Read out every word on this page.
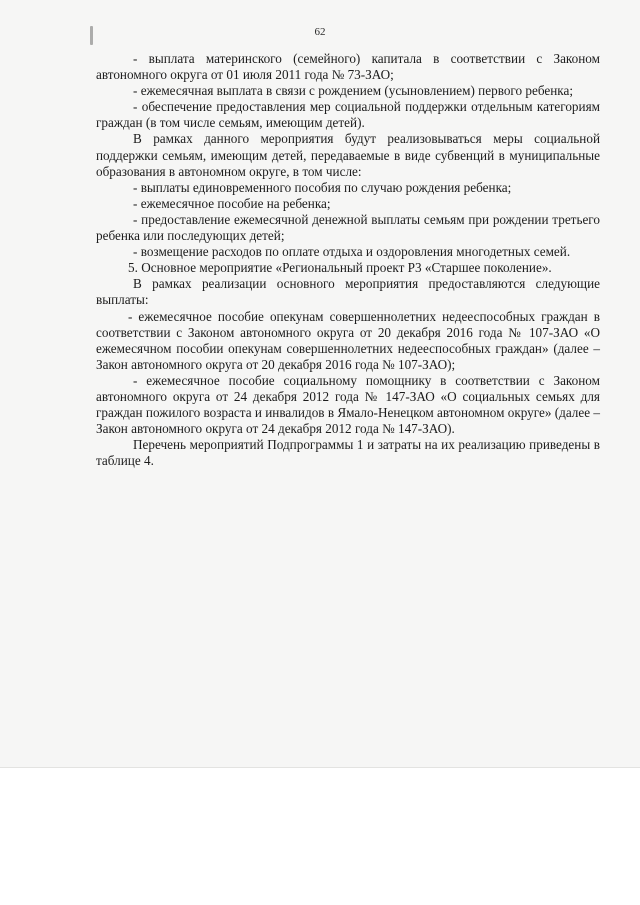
62

- выплата материнского (семейного) капитала в соответствии с Законом автономного округа от 01 июля 2011 года № 73-ЗАО;

- ежемесячная выплата в связи с рождением (усыновлением) первого ребенка;

- обеспечение предоставления мер социальной поддержки отдельным категориям граждан (в том числе семьям, имеющим детей).

В рамках данного мероприятия будут реализовываться меры социальной поддержки семьям, имеющим детей, передаваемые в виде субвенций в муниципальные образования в автономном округе, в том числе:

- выплаты единовременного пособия по случаю рождения ребенка;

- ежемесячное пособие на ребенка;

- предоставление ежемесячной денежной выплаты семьям при рождении третьего ребенка или последующих детей;

- возмещение расходов по оплате отдыха и оздоровления многодетных семей.

5. Основное мероприятие «Региональный проект Р3 «Старшее поколение».

В рамках реализации основного мероприятия предоставляются следующие выплаты:

- ежемесячное пособие опекунам совершеннолетних недееспособных граждан в соответствии с Законом автономного округа от 20 декабря 2016 года № 107-ЗАО «О ежемесячном пособии опекунам совершеннолетних недееспособных граждан» (далее – Закон автономного округа от 20 декабря 2016 года № 107-ЗАО);

- ежемесячное пособие социальному помощнику в соответствии с Законом автономного округа от 24 декабря 2012 года № 147-ЗАО «О социальных семьях для граждан пожилого возраста и инвалидов в Ямало-Ненецком автономном округе» (далее – Закон автономного округа от 24 декабря 2012 года № 147-ЗАО).

Перечень мероприятий Подпрограммы 1 и затраты на их реализацию приведены в таблице 4.
